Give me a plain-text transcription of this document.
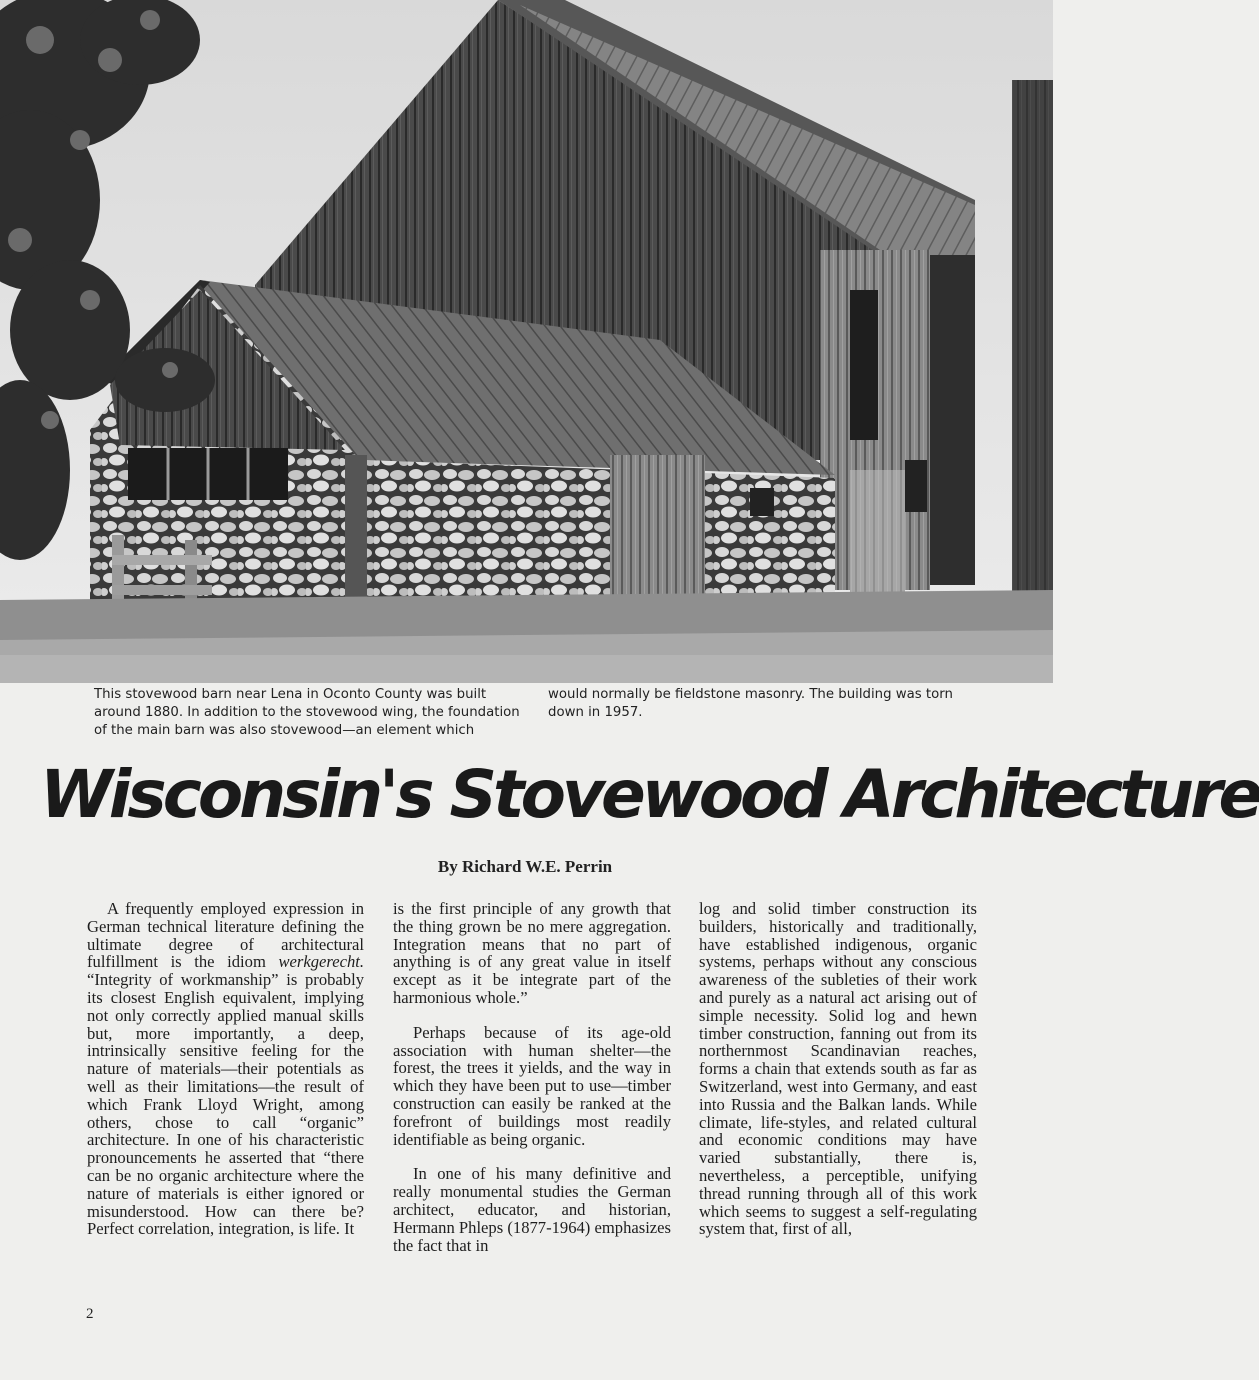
This stovewood barn near Lena in Oconto County was built around 1880. In addition to the stovewood wing, the foundation of the main barn was also stovewood—an element which

would normally be fieldstone masonry. The building was torn down in 1957.

Wisconsin's Stovewood Architecture

By Richard W.E. Perrin

A frequently employed expression in German technical literature defining the ultimate degree of architectural fulfillment is the idiom werkgerecht. “Integrity of workmanship” is probably its closest English equivalent, implying not only correctly applied manual skills but, more importantly, a deep, intrinsically sensitive feeling for the nature of materials—their potentials as well as their limitations—the result of which Frank Lloyd Wright, among others, chose to call “organic” architecture. In one of his characteristic pronouncements he asserted that “there can be no organic architecture where the nature of materials is either ignored or misunderstood. How can there be? Perfect correlation, integration, is life. It

is the first principle of any growth that the thing grown be no mere aggregation. Integration means that no part of anything is of any great value in itself except as it be integrate part of the harmonious whole.”

Perhaps because of its age-old association with human shelter—the forest, the trees it yields, and the way in which they have been put to use—timber construction can easily be ranked at the forefront of buildings most readily identifiable as being organic.

In one of his many definitive and really monumental studies the German architect, educator, and historian, Hermann Phleps (1877-1964) emphasizes the fact that in

log and solid timber construction its builders, historically and traditionally, have established indigenous, organic systems, perhaps without any conscious awareness of the subleties of their work and purely as a natural act arising out of simple necessity. Solid log and hewn timber construction, fanning out from its northernmost Scandinavian reaches, forms a chain that extends south as far as Switzerland, west into Germany, and east into Russia and the Balkan lands. While climate, life-styles, and related cultural and economic conditions may have varied substantially, there is, nevertheless, a perceptible, unifying thread running through all of this work which seems to suggest a self-regulating system that, first of all,

2
